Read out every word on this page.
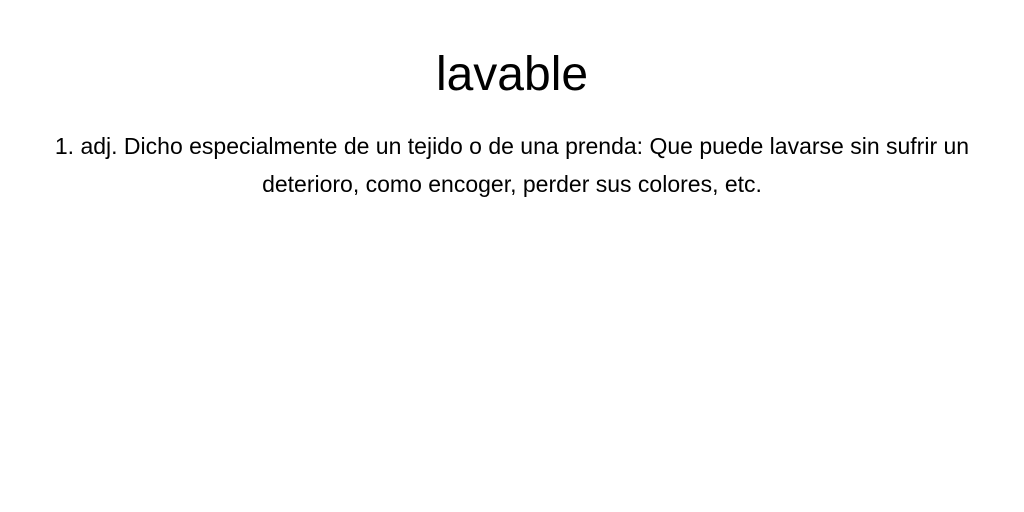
lavable

1. adj. Dicho especialmente de un tejido o de una prenda: Que puede lavarse sin sufrir un deterioro, como encoger, perder sus colores, etc.
